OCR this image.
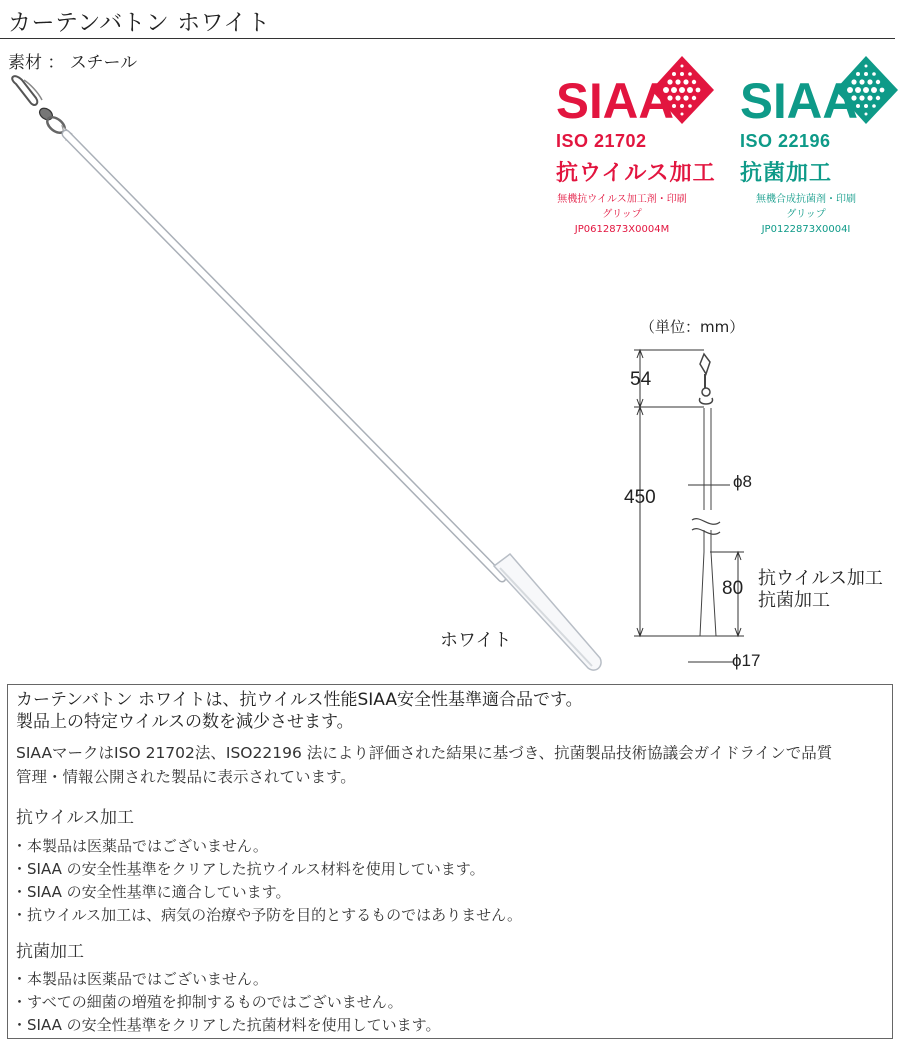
カーテンバトン ホワイト
素材 ： スチール
ホワイト
SIAA
ISO 21702
抗ウイルス加工
無機抗ウイルス加工剤・印刷
グリップ
JP0612873X0004M
SIAA
ISO 22196
抗菌加工
無機合成抗菌剤・印刷
グリップ
JP0122873X0004I
（単位：mm）
54
450
80
ϕ8
ϕ17
抗ウイルス加工
抗菌加工
カーテンバトン ホワイトは、抗ウイルス性能SIAA安全性基準適合品です。
製品上の特定ウイルスの数を減少させます。
SIAAマークはISO 21702法、ISO22196 法により評価された結果に基づき、抗菌製品技術協議会ガイドラインで品質
管理・情報公開された製品に表示されています。
抗ウイルス加工
・ 本製品は医薬品ではございません。
・ SIAA の安全性基準をクリアした抗ウイルス材料を使用しています。
・ SIAA の安全性基準に適合しています。
・ 抗ウイルス加工は、病気の治療や予防を目的とするものではありません。
抗菌加工
・ 本製品は医薬品ではございません。
・ すべての細菌の増殖を抑制するものではございません。
・ SIAA の安全性基準をクリアした抗菌材料を使用しています。
